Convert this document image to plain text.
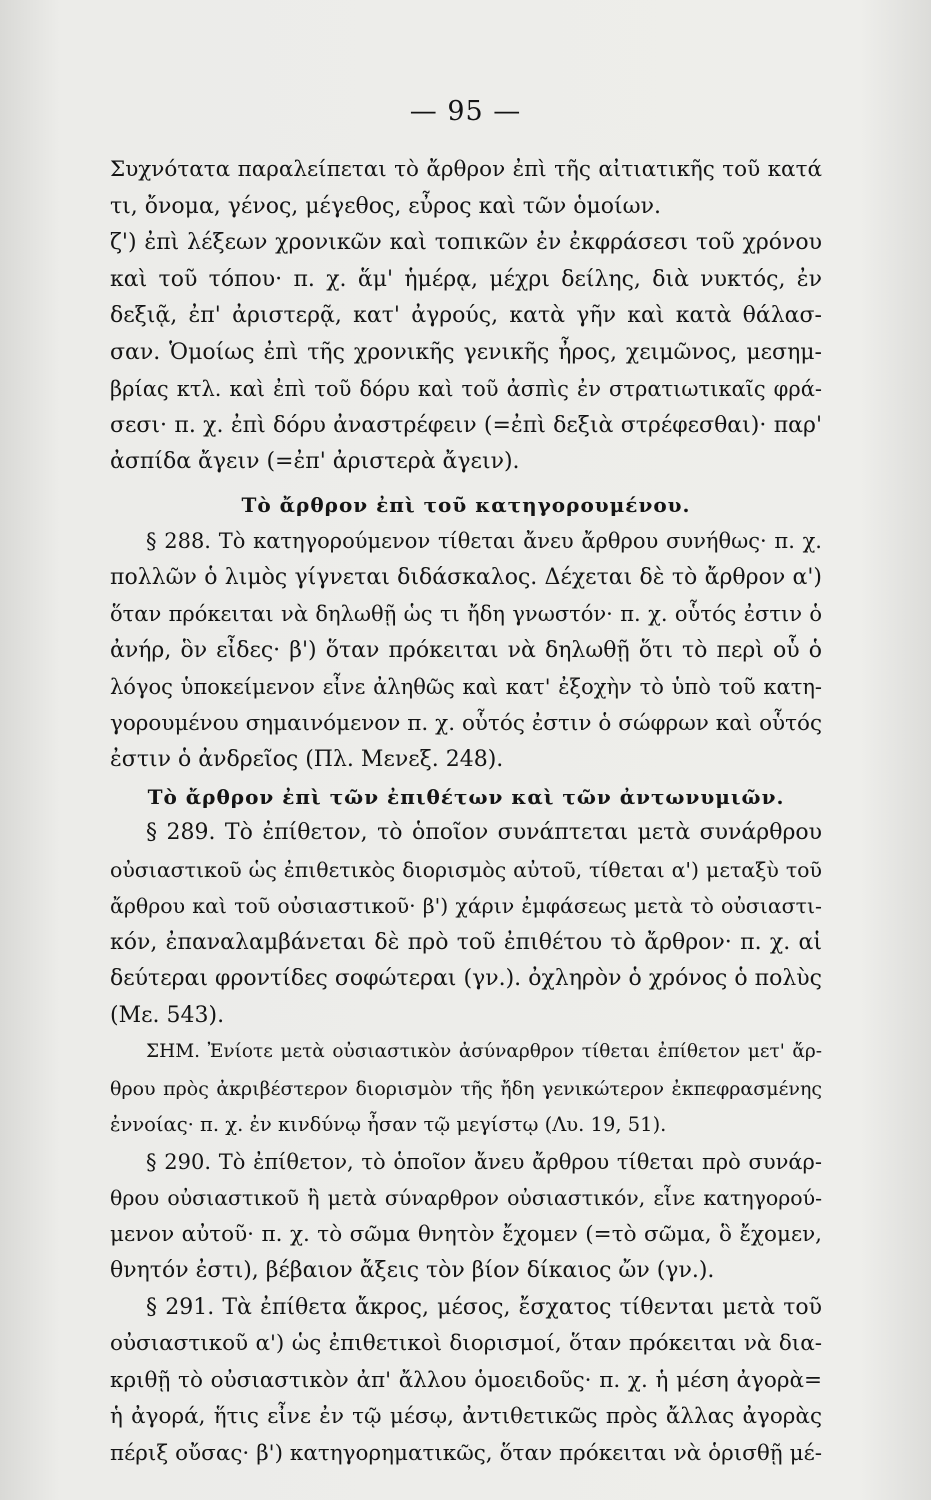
— 95 —
Συχνότατα παραλείπεται τὸ ἄρθρον ἐπὶ τῆς αἰτιατικῆς τοῦ κατά
τι, ὄνομα, γένος, μέγεθος, εὖρος καὶ τῶν ὁμοίων.
ζ') ἐπὶ λέξεων χρονικῶν καὶ τοπικῶν ἐν ἐκφράσεσι τοῦ χρόνου
καὶ τοῦ τόπου· π. χ. ἅμ' ἡμέρᾳ, μέχρι δείλης, διὰ νυκτός, ἐν
δεξιᾷ, ἐπ' ἀριστερᾷ, κατ' ἀγρούς, κατὰ γῆν καὶ κατὰ θάλασ-
σαν. Ὁμοίως ἐπὶ τῆς χρονικῆς γενικῆς ἦρος, χειμῶνος, μεσημ-
βρίας κτλ. καὶ ἐπὶ τοῦ δόρυ καὶ τοῦ ἀσπὶς ἐν στρατιωτικαῖς φρά-
σεσι· π. χ. ἐπὶ δόρυ ἀναστρέφειν (=ἐπὶ δεξιὰ στρέφεσθαι)· παρ'
ἀσπίδα ἄγειν (=ἐπ' ἀριστερὰ ἄγειν).
Τὸ ἄρθρον ἐπὶ τοῦ κατηγορουμένου.
§ 288. Τὸ κατηγορούμενον τίθεται ἄνευ ἄρθρου συνήθως· π. χ.
πολλῶν ὁ λιμὸς γίγνεται διδάσκαλος. Δέχεται δὲ τὸ ἄρθρον α')
ὅταν πρόκειται νὰ δηλωθῇ ὡς τι ἤδη γνωστόν· π. χ. οὗτός ἐστιν ὁ
ἀνήρ, ὃν εἶδες· β') ὅταν πρόκειται νὰ δηλωθῇ ὅτι τὸ περὶ οὗ ὁ
λόγος ὑποκείμενον εἶνε ἀληθῶς καὶ κατ' ἐξοχὴν τὸ ὑπὸ τοῦ κατη-
γορουμένου σημαινόμενον π. χ. οὗτός ἐστιν ὁ σώφρων καὶ οὗτός
ἐστιν ὁ ἀνδρεῖος (Πλ. Μενεξ. 248).
Τὸ ἄρθρον ἐπὶ τῶν ἐπιθέτων καὶ τῶν ἀντωνυμιῶν.
§ 289. Τὸ ἐπίθετον, τὸ ὁποῖον συνάπτεται μετὰ συνάρθρου
οὐσιαστικοῦ ὡς ἐπιθετικὸς διορισμὸς αὐτοῦ, τίθεται α') μεταξὺ τοῦ
ἄρθρου καὶ τοῦ οὐσιαστικοῦ· β') χάριν ἐμφάσεως μετὰ τὸ οὐσιαστι-
κόν, ἐπαναλαμβάνεται δὲ πρὸ τοῦ ἐπιθέτου τὸ ἄρθρον· π. χ. αἱ
δεύτεραι φροντίδες σοφώτεραι (γν.). ὀχληρὸν ὁ χρόνος ὁ πολὺς
(Με. 543).
ΣΗΜ. Ἐνίοτε μετὰ οὐσιαστικὸν ἀσύναρθρον τίθεται ἐπίθετον μετ' ἄρ-
θρου πρὸς ἀκριβέστερον διορισμὸν τῆς ἤδη γενικώτερον ἐκπεφρασμένης
ἐννοίας· π. χ. ἐν κινδύνῳ ἦσαν τῷ μεγίστῳ (Λυ. 19, 51).
§ 290. Τὸ ἐπίθετον, τὸ ὁποῖον ἄνευ ἄρθρου τίθεται πρὸ συνάρ-
θρου οὐσιαστικοῦ ἢ μετὰ σύναρθρον οὐσιαστικόν, εἶνε κατηγορού-
μενον αὐτοῦ· π. χ. τὸ σῶμα θνητὸν ἔχομεν (=τὸ σῶμα, ὃ ἔχομεν,
θνητόν ἐστι), βέβαιον ἄξεις τὸν βίον δίκαιος ὤν (γν.).
§ 291. Τὰ ἐπίθετα ἄκρος, μέσος, ἔσχατος τίθενται μετὰ τοῦ
οὐσιαστικοῦ α') ὡς ἐπιθετικοὶ διορισμοί, ὅταν πρόκειται νὰ δια-
κριθῇ τὸ οὐσιαστικὸν ἀπ' ἄλλου ὁμοειδοῦς· π. χ. ἡ μέση ἀγορὰ=
ἡ ἀγορά, ἥτις εἶνε ἐν τῷ μέσῳ, ἀντιθετικῶς πρὸς ἄλλας ἀγορὰς
πέριξ οὔσας· β') κατηγορηματικῶς, ὅταν πρόκειται νὰ ὁρισθῇ μέ-
